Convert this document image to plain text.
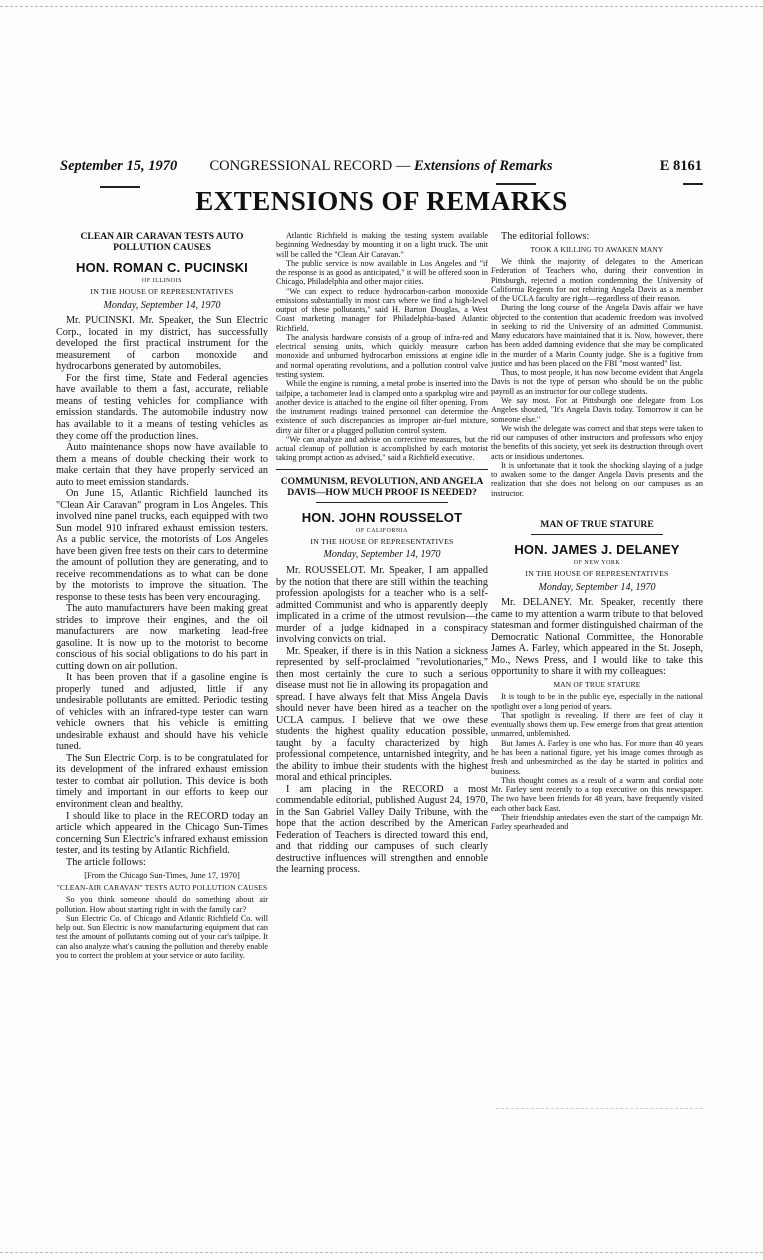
September 15, 1970	CONGRESSIONAL RECORD — Extensions of Remarks	E 8161
EXTENSIONS OF REMARKS
CLEAN AIR CARAVAN TESTS AUTO POLLUTION CAUSES
HON. ROMAN C. PUCINSKI
OF ILLINOIS
IN THE HOUSE OF REPRESENTATIVES
Monday, September 14, 1970

Mr. PUCINSKI. Mr. Speaker, the Sun Electric Corp., located in my district, has successfully developed the first practical instrument for the measurement of carbon monoxide and hydrocarbons generated by automobiles.

For the first time, State and Federal agencies have available to them a fast, accurate, reliable means of testing vehicles for compliance with emission standards. The automobile industry now has available to it a means of testing vehicles as they come off the production lines.

Auto maintenance shops now have available to them a means of double checking their work to make certain that they have properly serviced an auto to meet emission standards.

On June 15, Atlantic Richfield launched its "Clean Air Caravan" program in Los Angeles. This involved nine panel trucks, each equipped with two Sun model 910 infrared exhaust emission testers. As a public service, the motorists of Los Angeles have been given free tests on their cars to determine the amount of pollution they are generating, and to receive recommendations as to what can be done by the motorists to improve the situation. The response to these tests has been very encouraging.

The auto manufacturers have been making great strides to improve their engines, and the oil manufacturers are now marketing lead-free gasoline. It is now up to the motorist to become conscious of his social obligations to do his part in cutting down on air pollution.

It has been proven that if a gasoline engine is properly tuned and adjusted, little if any undesirable pollutants are emitted. Periodic testing of vehicles with an infrared-type tester can warn vehicle owners that his vehicle is emitting undesirable exhaust and should have his vehicle tuned.

The Sun Electric Corp. is to be congratulated for its development of the infrared exhaust emission tester to combat air pollution. This device is both timely and important in our efforts to keep our environment clean and healthy.

I should like to place in the RECORD today an article which appeared in the Chicago Sun-Times concerning Sun Electric's infrared exhaust emission tester, and its testing by Atlantic Richfield.

The article follows:

[From the Chicago Sun-Times, June 17, 1970]
"CLEAN-AIR CARAVAN" TESTS AUTO POLLUTION CAUSES

So you think someone should do something about air pollution. How about starting right in with the family car?

Sun Electric Co. of Chicago and Atlantic Richfield Co. will help out. Sun Electric is now manufacturing equipment that can test the amount of pollutants coming out of your car's tailpipe. It can also analyze what's causing the pollution and thereby enable you to correct the problem at your service or auto facility.

Atlantic Richfield is making the testing system available beginning Wednesday by mounting it on a light truck. The unit will be called the "Clean Air Caravan."

The public service is now available in Los Angeles and "if the response is as good as anticipated," it will be offered soon in Chicago, Philadelphia and other major cities.

"We can expect to reduce hydrocarbon-carbon monoxide emissions substantially in most cars where we find a high-level output of these pollutants," said H. Barton Douglas, a West Coast marketing manager for Philadelphia-based Atlantic Richfield.

The analysis hardware consists of a group of infra-red and electrical sensing units, which quickly measure carbon monoxide and unburned hydrocarbon emissions at engine idle and normal operating revolutions, and a pollution control valve testing system.

While the engine is running, a metal probe is inserted into the tailpipe, a tachometer lead is clamped onto a sparkplug wire and another device is attached to the engine oil filter opening. From the instrument readings trained personnel can determine the existence of such discrepancies as improper air-fuel mixture, dirty air filter or a plugged pollution control system.

"We can analyze and advise on corrective measures, but the actual cleanup of pollution is accomplished by each motorist taking prompt action as advised," said a Richfield executive.

COMMUNISM, REVOLUTION, AND ANGELA DAVIS—HOW MUCH PROOF IS NEEDED?
HON. JOHN ROUSSELOT
OF CALIFORNIA
IN THE HOUSE OF REPRESENTATIVES
Monday, September 14, 1970

Mr. ROUSSELOT. Mr. Speaker, I am appalled by the notion that there are still within the teaching profession apologists for a teacher who is a self-admitted Communist and who is apparently deeply implicated in a crime of the utmost revulsion—the murder of a judge kidnaped in a conspiracy involving convicts on trial.

Mr. Speaker, if there is in this Nation a sickness represented by self-proclaimed "revolutionaries," then most certainly the cure to such a serious disease must not lie in allowing its propagation and spread. I have always felt that Miss Angela Davis should never have been hired as a teacher on the UCLA campus. I believe that we owe these students the highest quality education possible, taught by a faculty characterized by high professional competence, untarnished integrity, and the ability to imbue their students with the highest moral and ethical principles.

I am placing in the RECORD a most commendable editorial, published August 24, 1970, in the San Gabriel Valley Daily Tribune, with the hope that the action described by the American Federation of Teachers is directed toward this end, and that ridding our campuses of such clearly destructive influences will strengthen and ennoble the learning process.

The editorial follows:

TOOK A KILLING TO AWAKEN MANY

We think the majority of delegates to the American Federation of Teachers who, during their convention in Pittsburgh, rejected a motion condemning the University of California Regents for not rehiring Angela Davis as a member of the UCLA faculty are right—regardless of their reason.

During the long course of the Angela Davis affair we have objected to the contention that academic freedom was involved in seeking to rid the University of an admitted Communist. Many educators have maintained that it is. Now, however, there has been added damning evidence that she may be complicated in the murder of a Marin County judge. She is a fugitive from justice and has been placed on the FBI "most wanted" list.

Thus, to most people, it has now become evident that Angela Davis is not the type of person who should be on the public payroll as an instructor for our college students.

We say most. For at Pittsburgh one delegate from Los Angeles shouted, "It's Angela Davis today. Tomorrow it can be someone else."

We wish the delegate was correct and that steps were taken to rid our campuses of other instructors and professors who enjoy the benefits of this society, yet seek its destruction through overt acts or insidious undertones.

It is unfortunate that it took the shocking slaying of a judge to awaken some to the danger Angela Davis presents and the realization that she does not belong on our campuses as an instructor.

MAN OF TRUE STATURE
HON. JAMES J. DELANEY
OF NEW YORK
IN THE HOUSE OF REPRESENTATIVES
Monday, September 14, 1970

Mr. DELANEY. Mr. Speaker, recently there came to my attention a warm tribute to that beloved statesman and former distinguished chairman of the Democratic National Committee, the Honorable James A. Farley, which appeared in the St. Joseph, Mo., News Press, and I would like to take this opportunity to share it with my colleagues:

MAN OF TRUE STATURE

It is tough to be in the public eye, especially in the national spotlight over a long period of years.

That spotlight is revealing. If there are feet of clay it eventually shows them up. Few emerge from that great attention unmarred, unblemished.

But James A. Farley is one who has. For more than 40 years he has been a national figure, yet his image comes through as fresh and unbesmirched as the day he started in politics and business.

This thought comes as a result of a warm and cordial note Mr. Farley sent recently to a top executive on this newspaper. The two have been friends for 48 years, have frequently visited each other back East.

Their friendship antedates even the start of the campaign Mr. Farley spearheaded and
